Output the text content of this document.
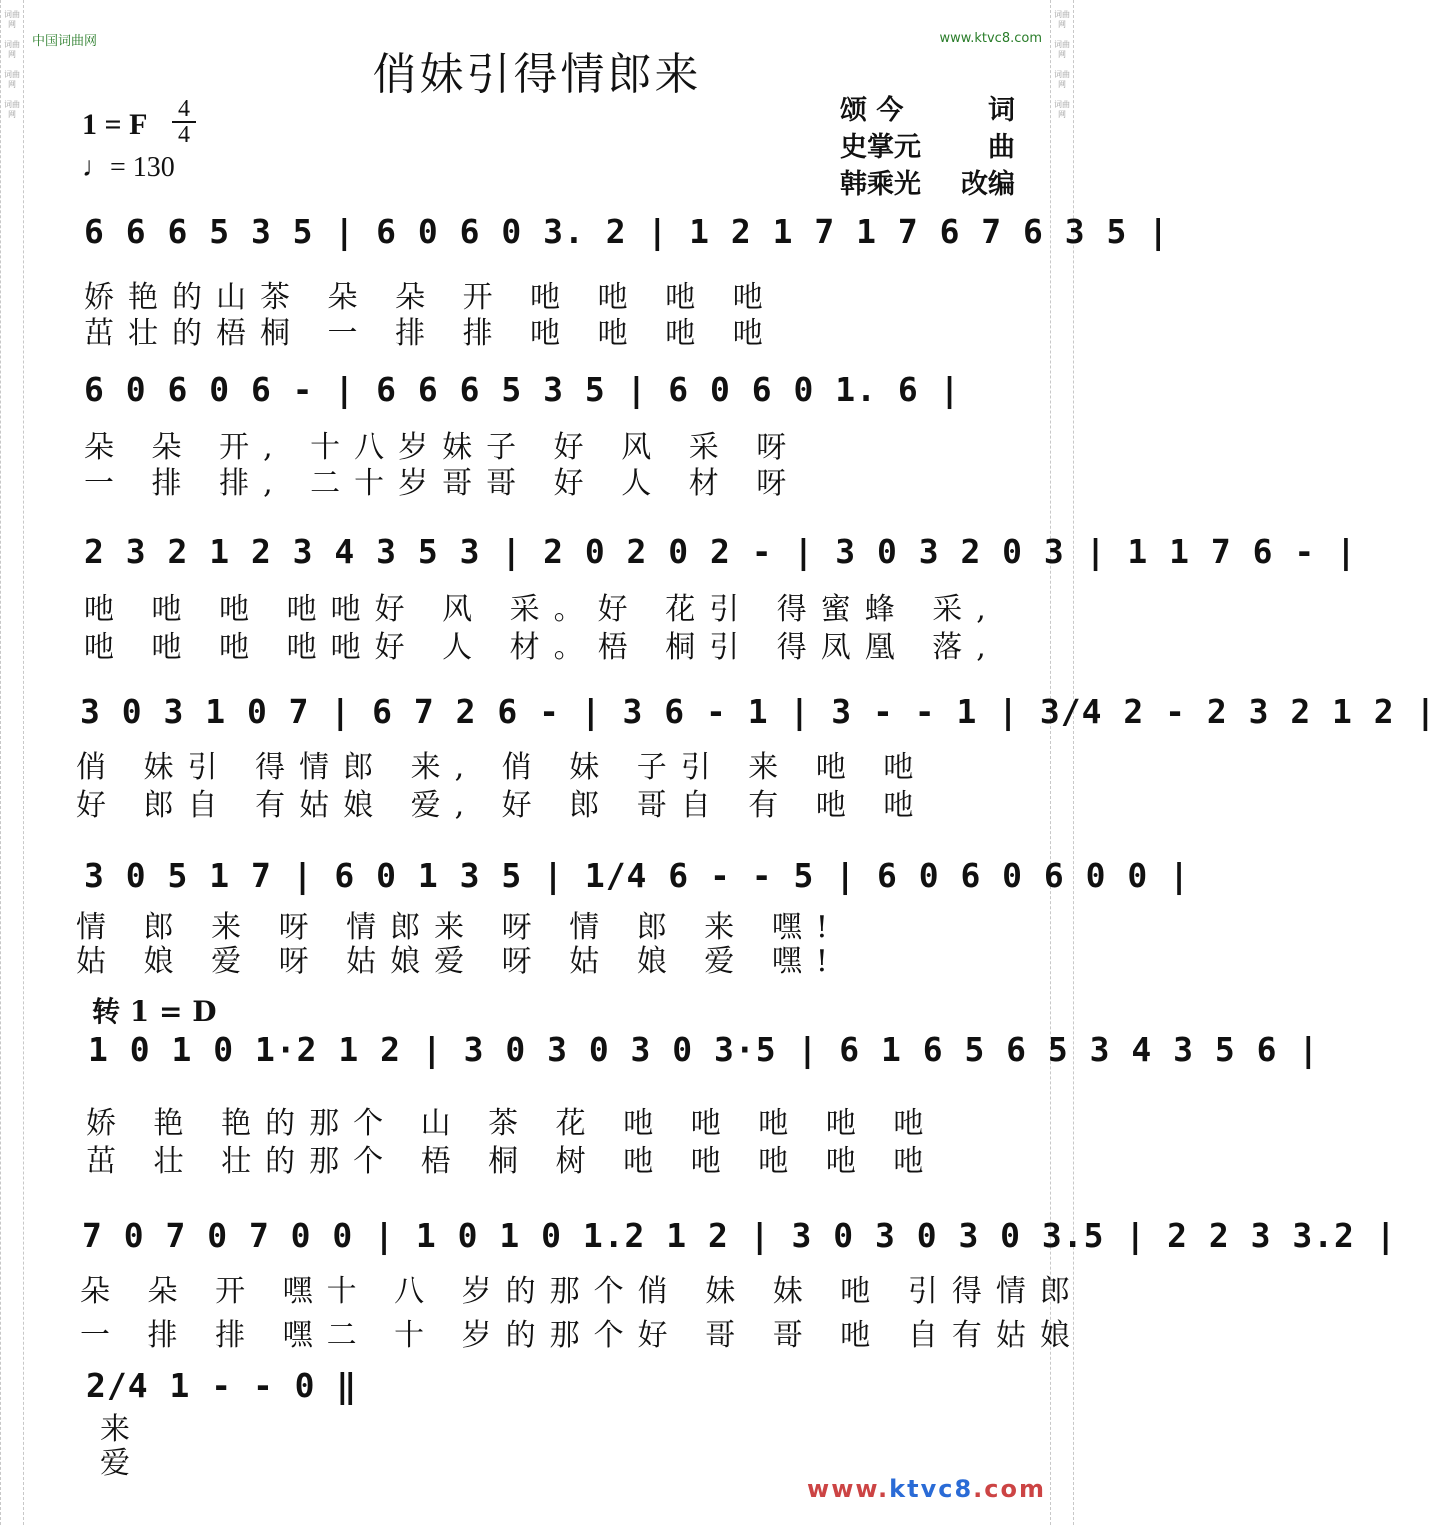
词曲网
词曲网
词曲网
词曲网
词曲网
词曲网
词曲网
词曲网
中国词曲网	www.ktvc8.com
俏妹引得情郎来
1 = F 4
4
♩= 130
颂 今	词
史掌元 曲
韩乘光 改编
6 6 6 5 3 5 | 6 0 6 0 3. 2 | 1 2 1 7 1 7 6 7 6 3 5 |
娇艳的山茶 朵 朵 开 吔 吔 吔 吔
茁壮的梧桐 一 排 排 吔 吔 吔 吔
6 0 6 0 6 - | 6 6 6 5 3 5 | 6 0 6 0 1. 6 |
朵 朵 开, 十八岁妹子 好 风 采 呀
一 排 排, 二十岁哥哥 好 人 材 呀
2 3 2 1 2 3 4 3 5 3 | 2 0 2 0 2 - | 3 0 3 2 0 3 | 1 1 7 6 - |
吔 吔 吔 吔吔好 风 采。好 花引 得蜜蜂 采,
吔 吔 吔 吔吔好 人 材。梧 桐引 得凤凰 落,
3 0 3 1 0 7 | 6 7 2 6 - | 3 6 - 1 | 3 - - 1 | 3/4 2 - 2 3 2 1 2 |
俏 妹引 得情郎 来, 俏 妹 子引 来 吔 吔
好 郎自 有姑娘 爱, 好 郎 哥自 有 吔 吔
3 0 5 1 7 | 6 0 1 3 5 | 1/4 6 - - 5 | 6 0 6 0 6 0 0 |
情 郎 来 呀 情郎来 呀 情 郎 来 嘿!
姑 娘 爱 呀 姑娘爱 呀 姑 娘 爱 嘿!
转 1 = D
1 0 1 0 1·2 1 2 | 3 0 3 0 3 0 3·5 | 6 1 6 5 6 5 3 4 3 5 6 |
娇 艳 艳的那个 山 茶 花 吔 吔 吔 吔 吔
茁 壮 壮的那个 梧 桐 树 吔 吔 吔 吔 吔
7 0 7 0 7 0 0 | 1 0 1 0 1.2 1 2 | 3 0 3 0 3 0 3.5 | 2 2 3 3.2 |
朵 朵 开 嘿十 八 岁的那个俏 妹 妹 吔 引得情郎
一 排 排 嘿二 十 岁的那个好 哥 哥 吔 自有姑娘
2/4 1 - - 0 ‖
来
爱
www.ktvc8.com
